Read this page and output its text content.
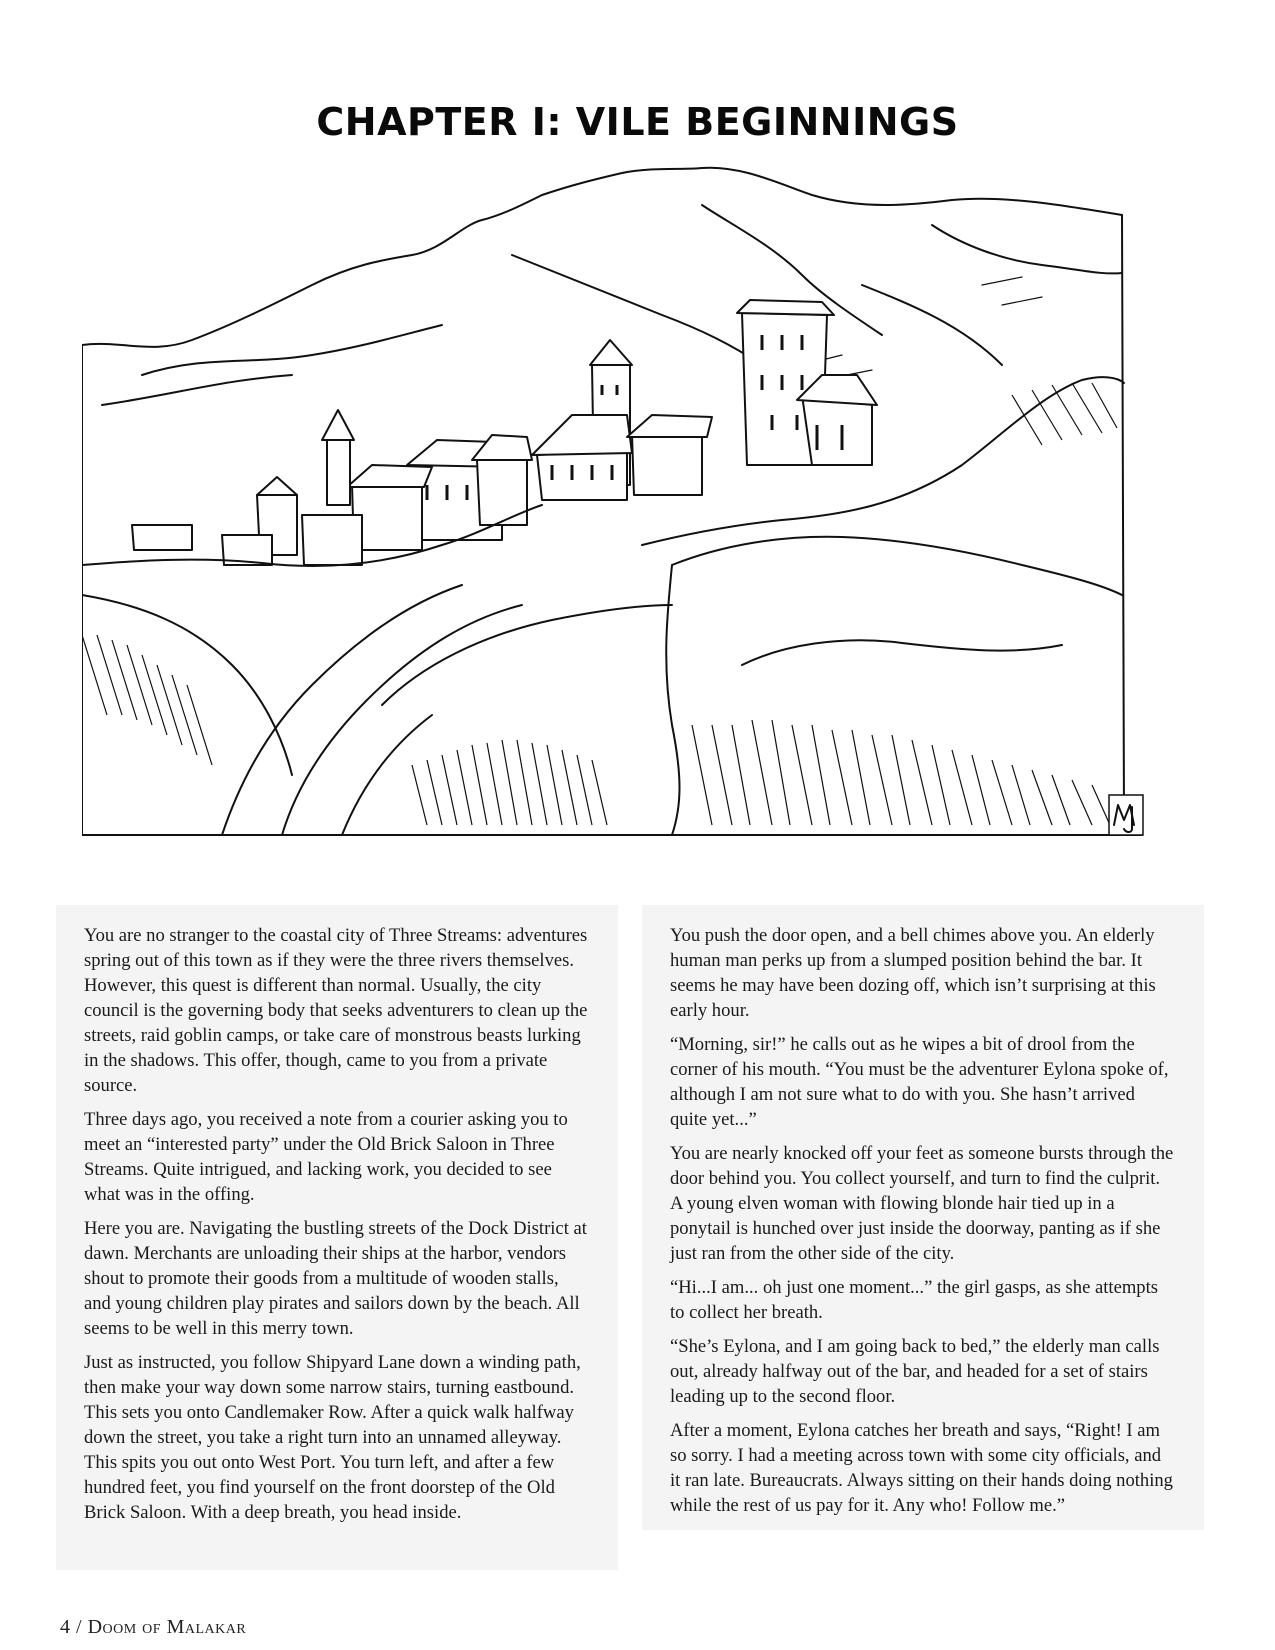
CHAPTER I: VILE BEGINNINGS

You are no stranger to the coastal city of Three Streams: adventures spring out of this town as if they were the three rivers themselves. However, this quest is different than normal. Usually, the city council is the governing body that seeks adventurers to clean up the streets, raid goblin camps, or take care of monstrous beasts lurking in the shadows. This offer, though, came to you from a private source.

Three days ago, you received a note from a courier asking you to meet an “interested party” under the Old Brick Saloon in Three Streams. Quite intrigued, and lacking work, you decided to see what was in the offing.

Here you are. Navigating the bustling streets of the Dock District at dawn. Merchants are unloading their ships at the harbor, vendors shout to promote their goods from a multitude of wooden stalls, and young children play pirates and sailors down by the beach. All seems to be well in this merry town.

Just as instructed, you follow Shipyard Lane down a winding path, then make your way down some narrow stairs, turning eastbound. This sets you onto Candlemaker Row. After a quick walk halfway down the street, you take a right turn into an unnamed alleyway. This spits you out onto West Port. You turn left, and after a few hundred feet, you find yourself on the front doorstep of the Old Brick Saloon. With a deep breath, you head inside.

You push the door open, and a bell chimes above you. An elderly human man perks up from a slumped position behind the bar. It seems he may have been dozing off, which isn’t surprising at this early hour.

“Morning, sir!” he calls out as he wipes a bit of drool from the corner of his mouth. “You must be the adventurer Eylona spoke of, although I am not sure what to do with you. She hasn’t arrived quite yet...”

You are nearly knocked off your feet as someone bursts through the door behind you. You collect yourself, and turn to find the culprit. A young elven woman with flowing blonde hair tied up in a ponytail is hunched over just inside the doorway, panting as if she just ran from the other side of the city.

“Hi...I am... oh just one moment...” the girl gasps, as she attempts to collect her breath.

“She’s Eylona, and I am going back to bed,” the elderly man calls out, already halfway out of the bar, and headed for a set of stairs leading up to the second floor.

After a moment, Eylona catches her breath and says, “Right! I am so sorry. I had a meeting across town with some city officials, and it ran late. Bureaucrats. Always sitting on their hands doing nothing while the rest of us pay for it. Any who! Follow me.”

4 / Doom of Malakar
